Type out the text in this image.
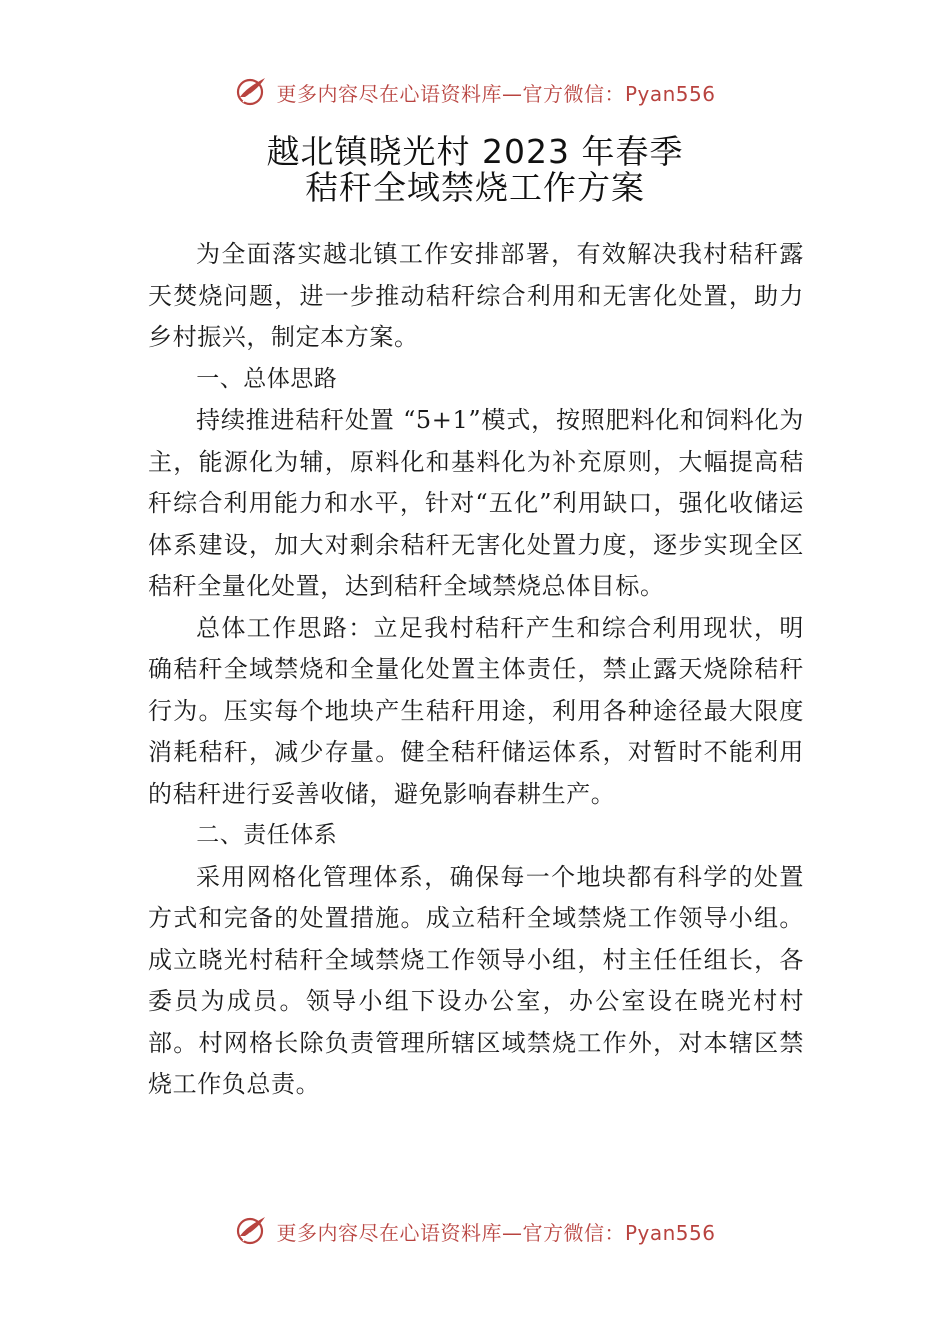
更多内容尽在心语资料库—官方微信：Pyan556
越北镇晓光村 2023 年春季
秸秆全域禁烧工作方案

为全面落实越北镇工作安排部署，有效解决我村秸秆露天焚烧问题，进一步推动秸秆综合利用和无害化处置，助力乡村振兴，制定本方案。

一、总体思路

持续推进秸秆处置 “5+1”模式，按照肥料化和饲料化为主，能源化为辅，原料化和基料化为补充原则，大幅提高秸秆综合利用能力和水平，针对“五化”利用缺口，强化收储运体系建设，加大对剩余秸秆无害化处置力度，逐步实现全区秸秆全量化处置，达到秸秆全域禁烧总体目标。

总体工作思路：立足我村秸秆产生和综合利用现状，明确秸秆全域禁烧和全量化处置主体责任，禁止露天烧除秸秆行为。压实每个地块产生秸秆用途，利用各种途径最大限度消耗秸秆，减少存量。健全秸秆储运体系，对暂时不能利用的秸秆进行妥善收储，避免影响春耕生产。

二、责任体系

采用网格化管理体系，确保每一个地块都有科学的处置方式和完备的处置措施。成立秸秆全域禁烧工作领导小组。 成立晓光村秸秆全域禁烧工作领导小组，村主任任组长，各委员为成员。领导小组下设办公室，办公室设在晓光村村部。村网格长除负责管理所辖区域禁烧工作外，对本辖区禁烧工作负总责。

更多内容尽在心语资料库—官方微信：Pyan556
